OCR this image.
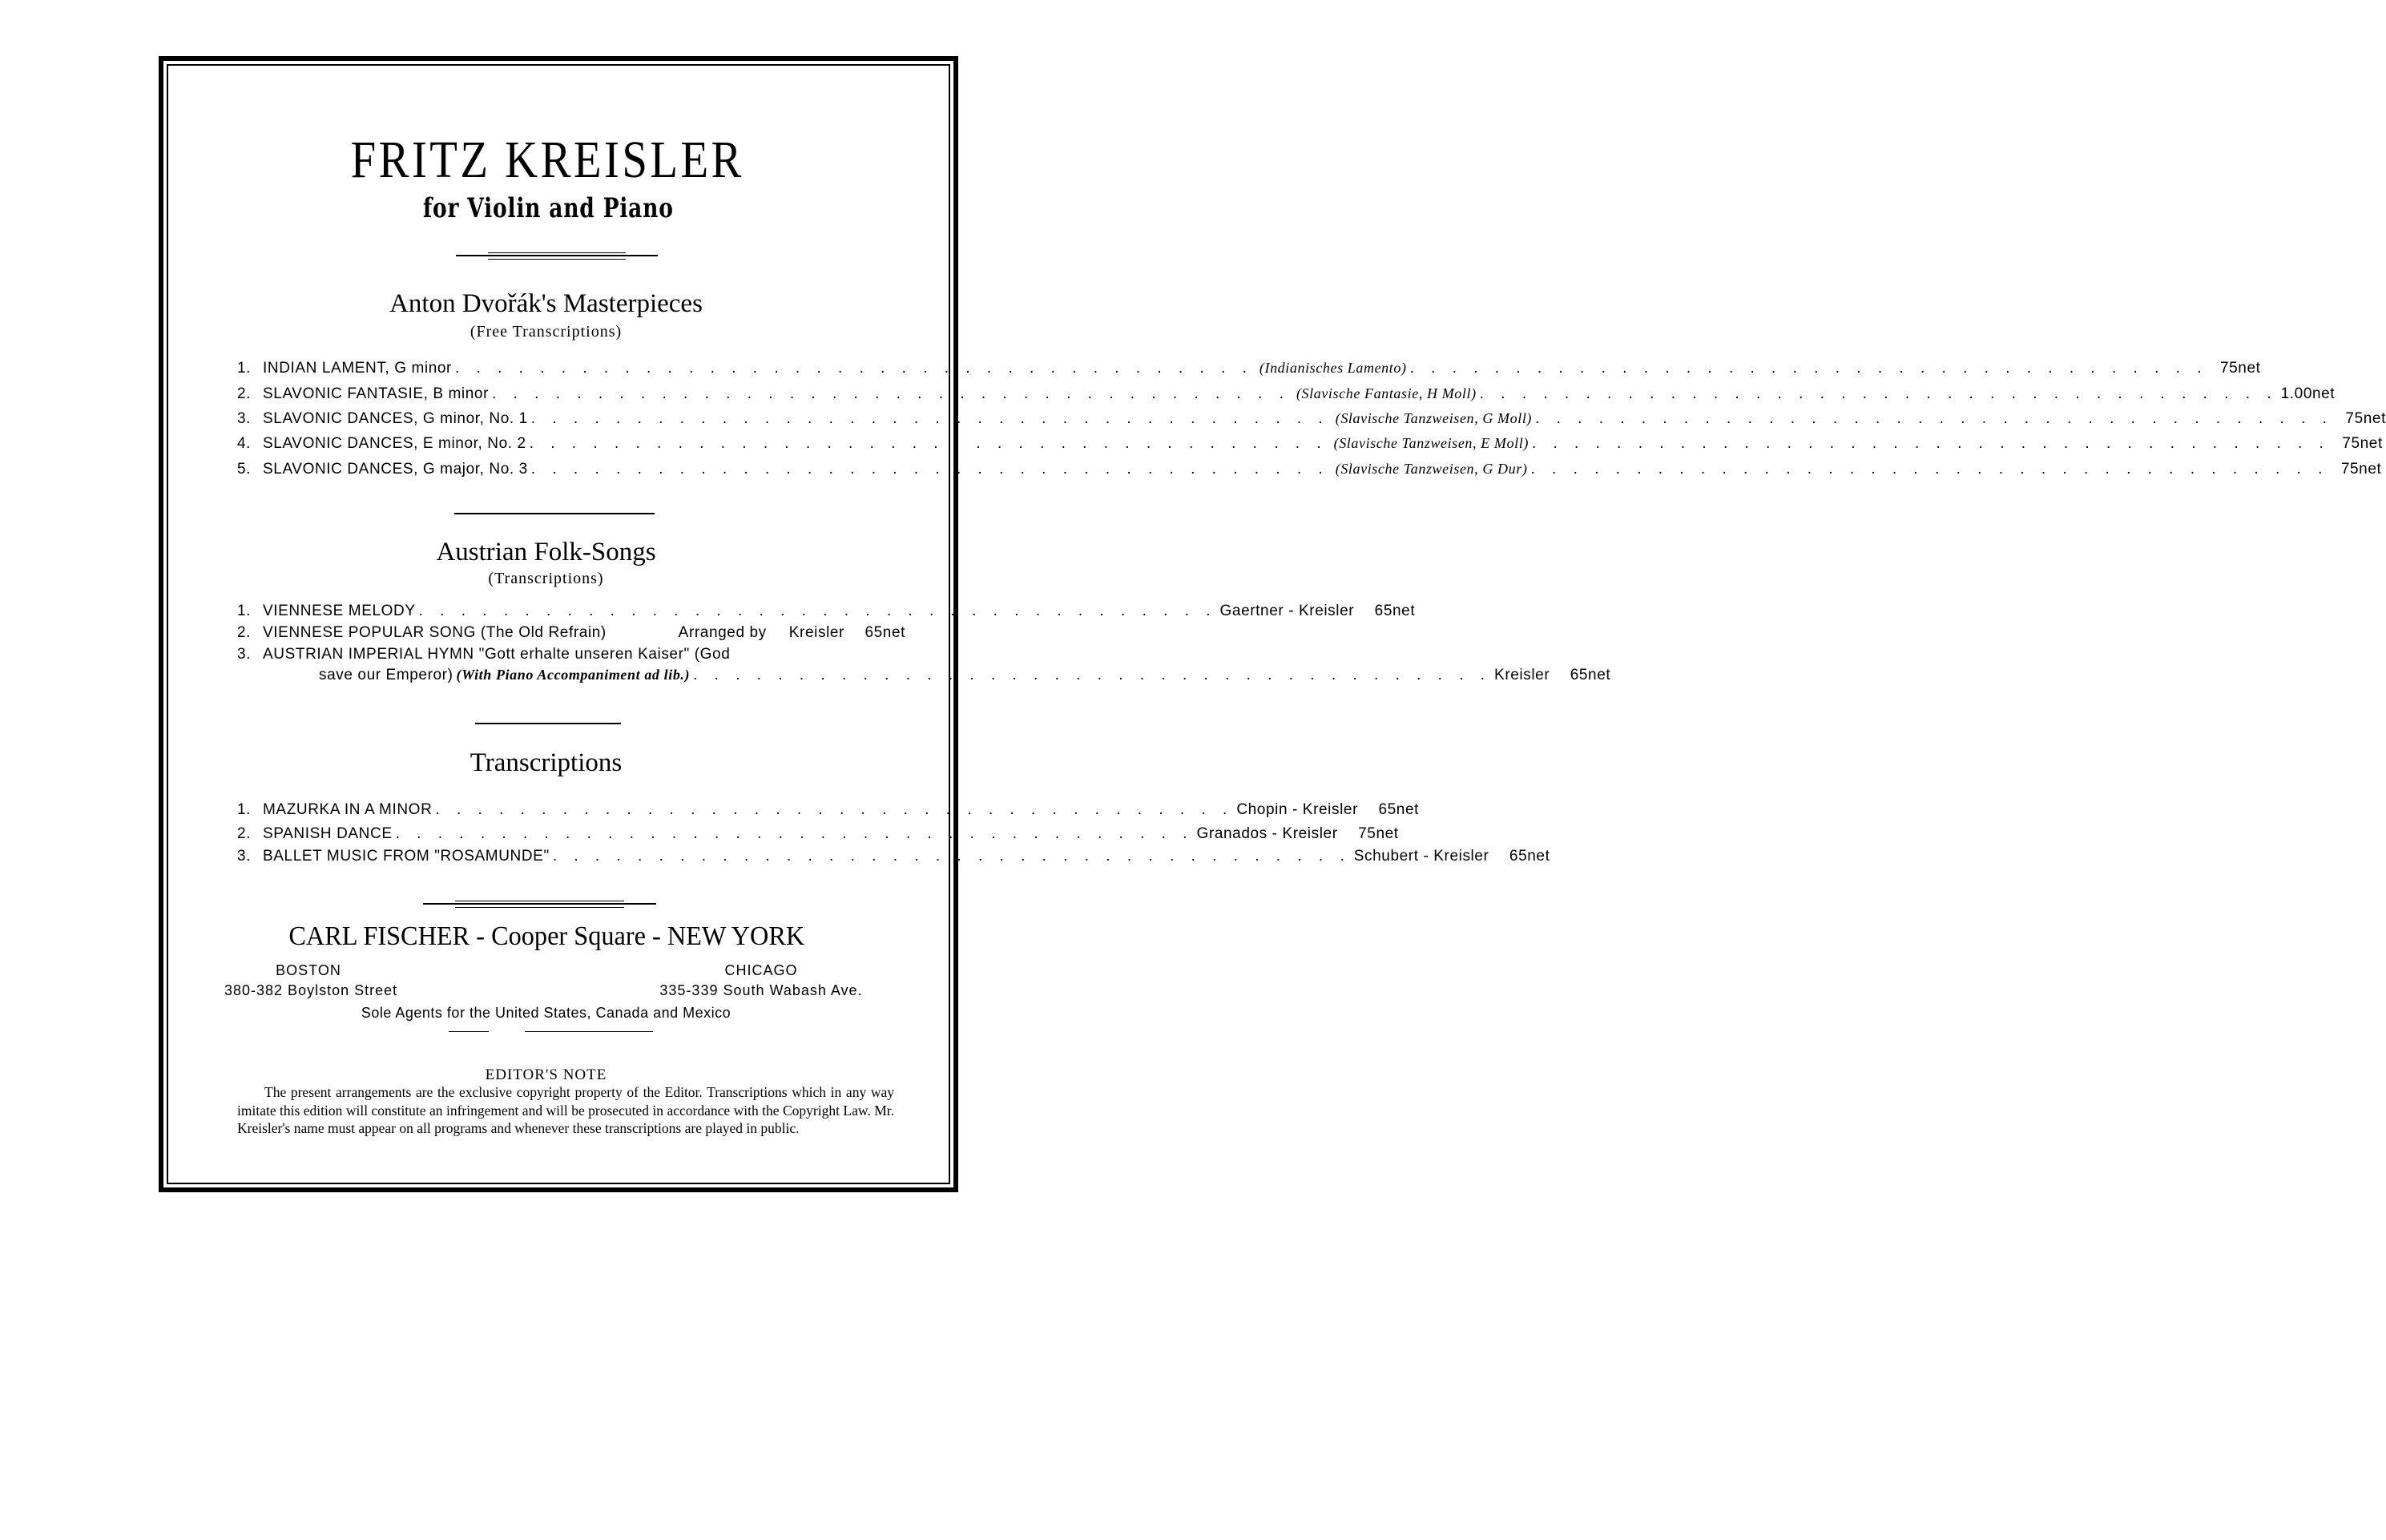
FRITZ KREISLER
for Violin and Piano
Anton Dvořák's Masterpieces
(Free Transcriptions)
1. INDIAN LAMENT, G minor . . . . . . . . . . . . . . . . . . . . . . . . . . . . . . . . . . . . . . (Indianisches Lamento) . . . . . . . . . . . . . . . . . . . . . . . . . . . . . . . . . . . . . . 75net
2. SLAVONIC FANTASIE, B minor . . . . . . . . . . . . . . . . . . . . . . . . . . . . . . . . . . . . . . (Slavische Fantasie, H Moll) . . . . . . . . . . . . . . . . . . . . . . . . . . . . . . . . . . . . . . 1.00net
3. SLAVONIC DANCES, G minor, No. 1 . . . . . . . . . . . . . . . . . . . . . . . . . . . . . . . . . . . . . . (Slavische Tanzweisen, G Moll) . . . . . . . . . . . . . . . . . . . . . . . . . . . . . . . . . . . . . . 75net
4. SLAVONIC DANCES, E minor, No. 2 . . . . . . . . . . . . . . . . . . . . . . . . . . . . . . . . . . . . . . (Slavische Tanzweisen, E Moll) . . . . . . . . . . . . . . . . . . . . . . . . . . . . . . . . . . . . . . 75net
5. SLAVONIC DANCES, G major, No. 3 . . . . . . . . . . . . . . . . . . . . . . . . . . . . . . . . . . . . . . (Slavische Tanzweisen, G Dur) . . . . . . . . . . . . . . . . . . . . . . . . . . . . . . . . . . . . . . 75net
Austrian Folk-Songs
(Transcriptions)
1. VIENNESE MELODY . . . . . . . . . . . . . . . . . . . . . . . . . . . . . . . . . . . . . . Gaertner - Kreisler	65net
2. VIENNESE POPULAR SONG (The Old Refrain)	Arranged by Kreisler	65net
3. AUSTRIAN IMPERIAL HYMN "Gott erhalte unseren Kaiser" (God
save our Emperor) (With Piano Accompaniment ad lib.) . . . . . . . . . . . . . . . . . . . . . . . . . . . . . . . . . . . . . . Kreisler	65net
Transcriptions
1. MAZURKA IN A MINOR . . . . . . . . . . . . . . . . . . . . . . . . . . . . . . . . . . . . . . Chopin - Kreisler	65net
2. SPANISH DANCE . . . . . . . . . . . . . . . . . . . . . . . . . . . . . . . . . . . . . . Granados - Kreisler	75net
3. BALLET MUSIC FROM "ROSAMUNDE" . . . . . . . . . . . . . . . . . . . . . . . . . . . . . . . . . . . . . . Schubert - Kreisler	65net
CARL FISCHER - Cooper Square - NEW YORK
BOSTON
380-382 Boylston Street
CHICAGO
335-339 South Wabash Ave.
Sole Agents for the United States, Canada and Mexico
EDITOR'S NOTE
The present arrangements are the exclusive copyright property of the Editor. Transcriptions which in any way imitate this edition will constitute an infringement and will be prosecuted in accordance with the Copyright Law. Mr. Kreisler's name must appear on all programs and whenever these transcriptions are played in public.
